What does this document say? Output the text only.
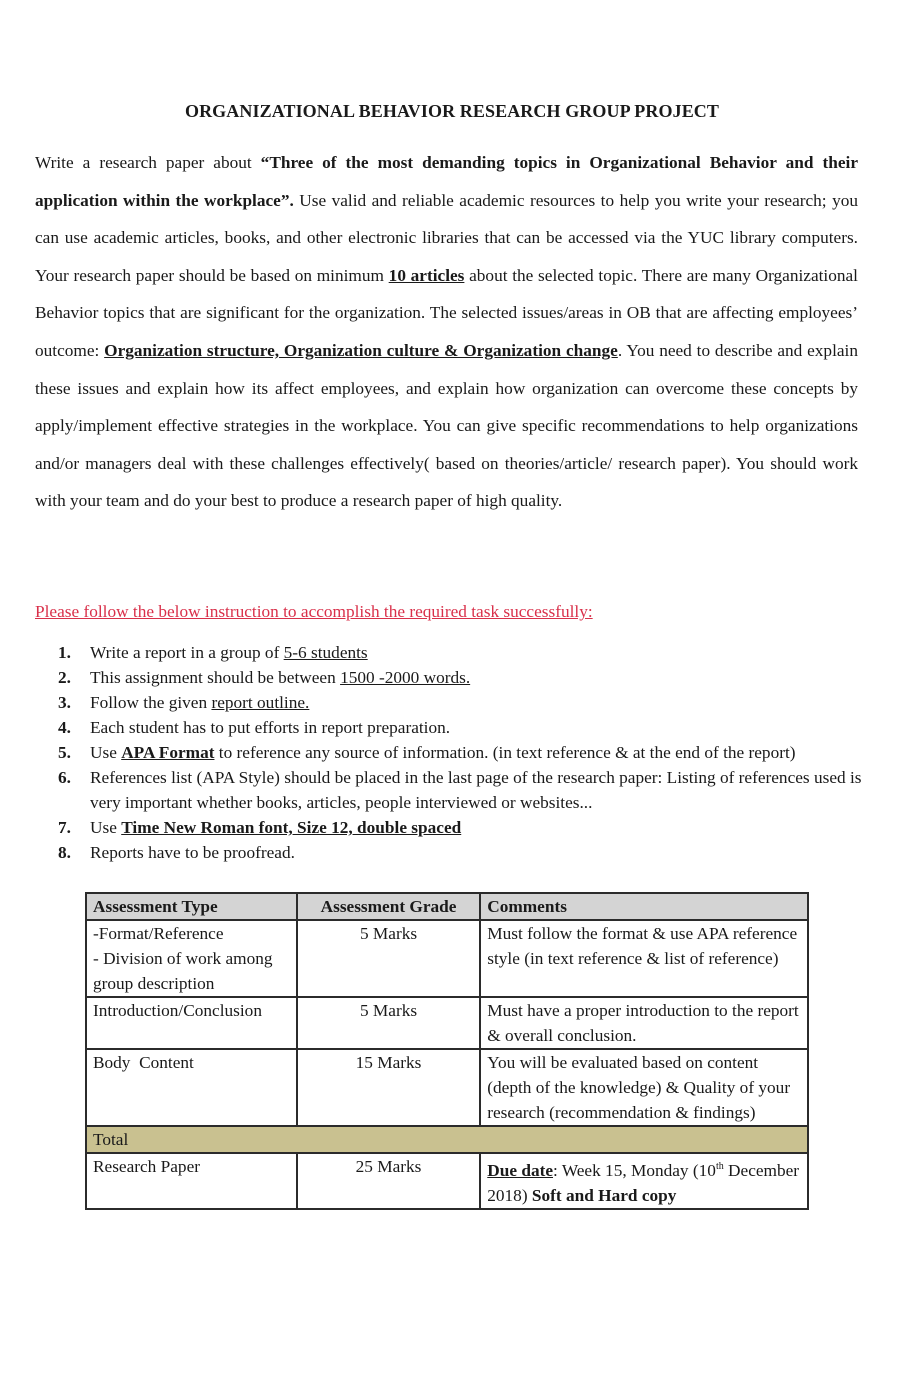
ORGANIZATIONAL BEHAVIOR RESEARCH GROUP PROJECT
Write a research paper about “Three of the most demanding topics in Organizational Behavior and their application within the workplace”. Use valid and reliable academic resources to help you write your research; you can use academic articles, books, and other electronic libraries that can be accessed via the YUC library computers. Your research paper should be based on minimum 10 articles about the selected topic. There are many Organizational Behavior topics that are significant for the organization. The selected issues/areas in OB that are affecting employees’ outcome: Organization structure, Organization culture & Organization change. You need to describe and explain these issues and explain how its affect employees, and explain how organization can overcome these concepts by apply/implement effective strategies in the workplace. You can give specific recommendations to help organizations and/or managers deal with these challenges effectively( based on theories/article/ research paper). You should work with your team and do your best to produce a research paper of high quality.
Please follow the below instruction to accomplish the required task successfully:
1. Write a report in a group of 5-6 students
2. This assignment should be between 1500 -2000 words.
3. Follow the given report outline.
4. Each student has to put efforts in report preparation.
5. Use APA Format to reference any source of information. (in text reference & at the end of the report)
6. References list (APA Style) should be placed in the last page of the research paper: Listing of references used is very important whether books, articles, people interviewed or websites...
7. Use Time New Roman font, Size 12, double spaced
8. Reports have to be proofread.
Assessment Type	Assessment Grade	Comments

-Format/Reference
- Division of work among group description	5 Marks	Must follow the format & use APA reference style (in text reference & list of reference)

Introduction/Conclusion	5 Marks	Must have a proper introduction to the report & overall conclusion.

Body  Content	15 Marks	You will be evaluated based on content (depth of the knowledge) & Quality of your research (recommendation & findings)
Total		
Research Paper	25 Marks	Due date: Week 15, Monday (10th December 2018) Soft and Hard copy
